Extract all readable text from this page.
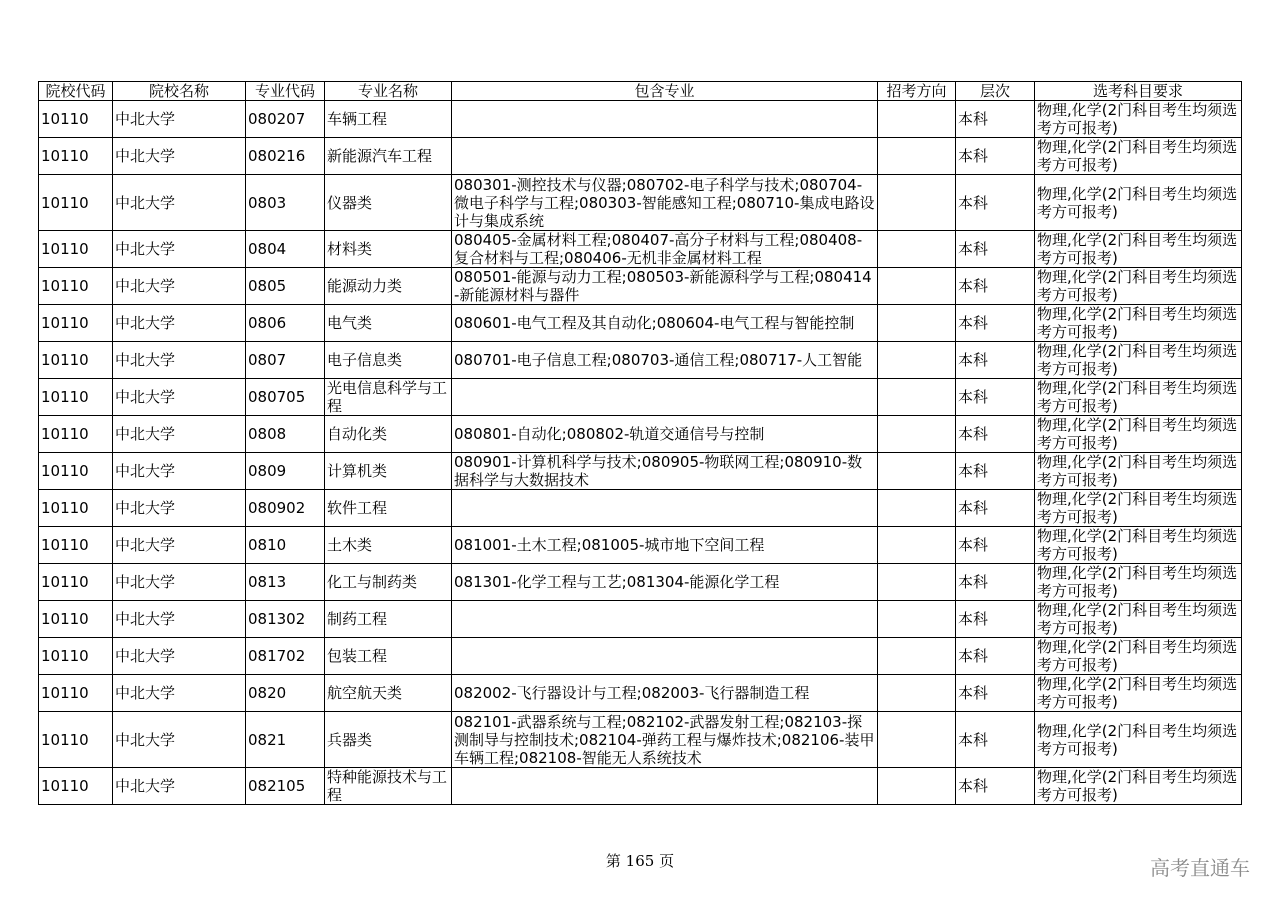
院校代码	院校名称	专业代码	专业名称	包含专业	招考方向	层次	选考科目要求
10110	中北大学	080207	车辆工程			本科	物理,化学(2门科目考生均须选考方可报考)
10110	中北大学	080216	新能源汽车工程			本科	物理,化学(2门科目考生均须选考方可报考)
10110	中北大学	0803	仪器类	080301-测控技术与仪器;080702-电子科学与技术;080704-微电子科学与工程;080303-智能感知工程;080710-集成电路设计与集成系统		本科	物理,化学(2门科目考生均须选考方可报考)
10110	中北大学	0804	材料类	080405-金属材料工程;080407-高分子材料与工程;080408-复合材料与工程;080406-无机非金属材料工程		本科	物理,化学(2门科目考生均须选考方可报考)
10110	中北大学	0805	能源动力类	080501-能源与动力工程;080503-新能源科学与工程;080414-新能源材料与器件		本科	物理,化学(2门科目考生均须选考方可报考)
10110	中北大学	0806	电气类	080601-电气工程及其自动化;080604-电气工程与智能控制		本科	物理,化学(2门科目考生均须选考方可报考)
10110	中北大学	0807	电子信息类	080701-电子信息工程;080703-通信工程;080717-人工智能		本科	物理,化学(2门科目考生均须选考方可报考)
10110	中北大学	080705	光电信息科学与工程			本科	物理,化学(2门科目考生均须选考方可报考)
10110	中北大学	0808	自动化类	080801-自动化;080802-轨道交通信号与控制		本科	物理,化学(2门科目考生均须选考方可报考)
10110	中北大学	0809	计算机类	080901-计算机科学与技术;080905-物联网工程;080910-数据科学与大数据技术		本科	物理,化学(2门科目考生均须选考方可报考)
10110	中北大学	080902	软件工程			本科	物理,化学(2门科目考生均须选考方可报考)
10110	中北大学	0810	土木类	081001-土木工程;081005-城市地下空间工程		本科	物理,化学(2门科目考生均须选考方可报考)
10110	中北大学	0813	化工与制药类	081301-化学工程与工艺;081304-能源化学工程		本科	物理,化学(2门科目考生均须选考方可报考)
10110	中北大学	081302	制药工程			本科	物理,化学(2门科目考生均须选考方可报考)
10110	中北大学	081702	包装工程			本科	物理,化学(2门科目考生均须选考方可报考)
10110	中北大学	0820	航空航天类	082002-飞行器设计与工程;082003-飞行器制造工程		本科	物理,化学(2门科目考生均须选考方可报考)
10110	中北大学	0821	兵器类	082101-武器系统与工程;082102-武器发射工程;082103-探测制导与控制技术;082104-弹药工程与爆炸技术;082106-装甲车辆工程;082108-智能无人系统技术		本科	物理,化学(2门科目考生均须选考方可报考)
10110	中北大学	082105	特种能源技术与工程			本科	物理,化学(2门科目考生均须选考方可报考)
第 165 页	高考直通车
